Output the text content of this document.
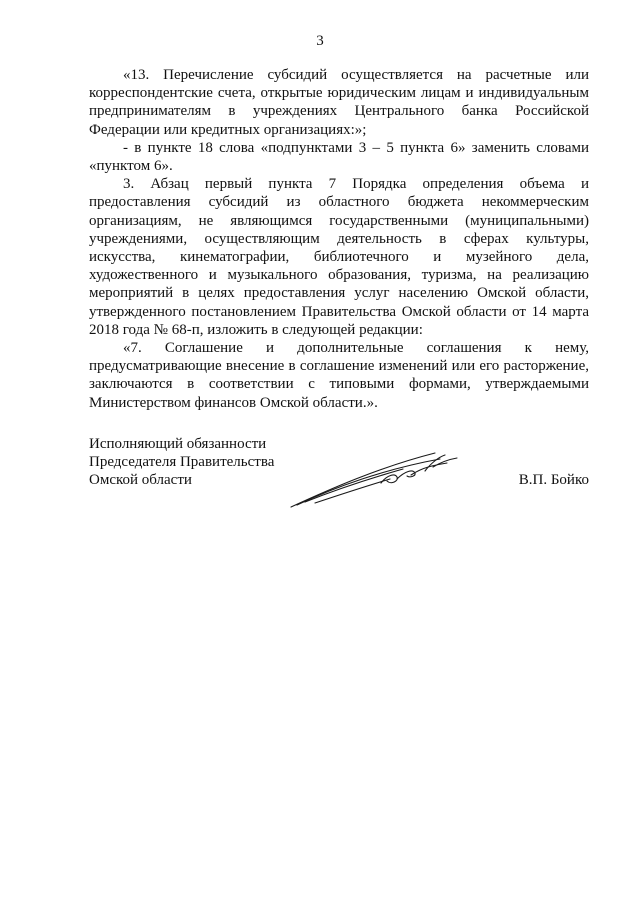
3

«13. Перечисление субсидий осуществляется на расчетные или корреспондентские счета, открытые юридическим лицам и индивидуальным предпринимателям в учреждениях Центрального банка Российской Федерации или кредитных организациях:»;

- в пункте 18 слова «подпунктами 3 – 5 пункта 6» заменить словами «пунктом 6».

3. Абзац первый пункта 7 Порядка определения объема и предоставления субсидий из областного бюджета некоммерческим организациям, не являющимся государственными (муниципальными) учреждениями, осуществляющим деятельность в сферах культуры, искусства, кинематографии, библиотечного и музейного дела, художественного и музыкального образования, туризма, на реализацию мероприятий в целях предоставления услуг населению Омской области, утвержденного постановлением Правительства Омской области от 14 марта 2018 года № 68-п, изложить в следующей редакции:

«7. Соглашение и дополнительные соглашения к нему, предусматривающие внесение в соглашение изменений или его расторжение, заключаются в соответствии с типовыми формами, утверждаемыми Министерством финансов Омской области.».

Исполняющий обязанности
Председателя Правительства
Омской области	В.П. Бойко
